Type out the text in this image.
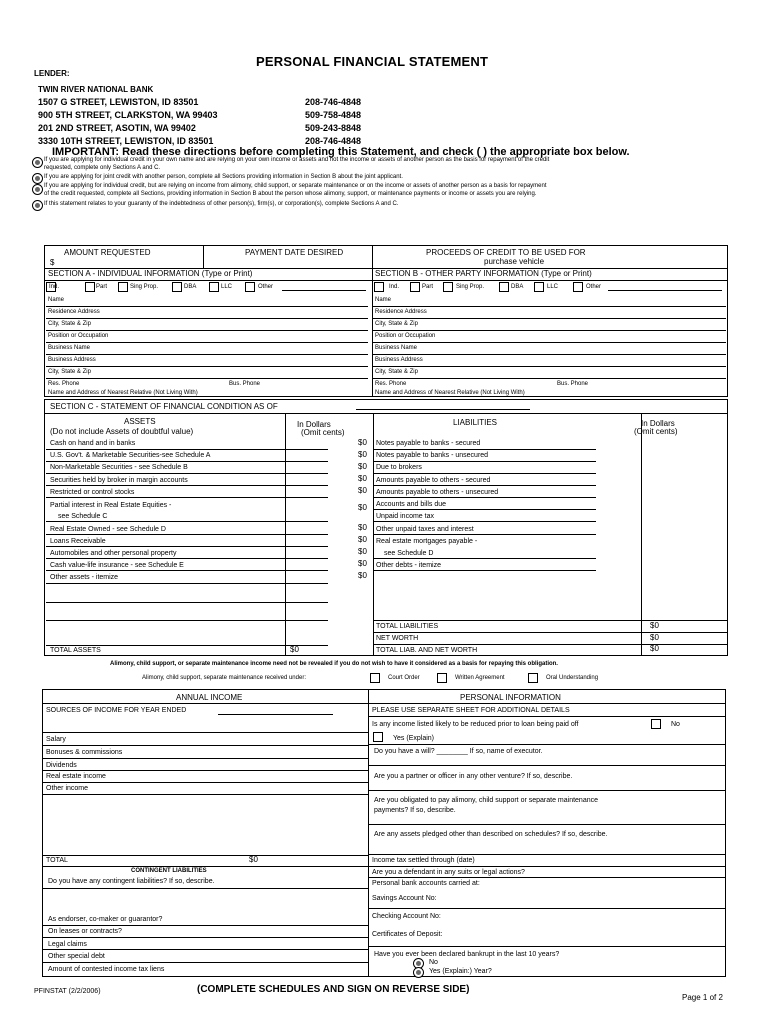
PERSONAL FINANCIAL STATEMENT
LENDER:
TWIN RIVER NATIONAL BANK
1507 G STREET, LEWISTON, ID 83501	208-746-4848
900 5TH STREET, CLARKSTON, WA 99403	509-758-4848
201 2ND STREET, ASOTIN, WA 99402	509-243-8848
3330 10TH STREET, LEWISTON, ID 83501	208-746-4848
IMPORTANT: Read these directions before completing this Statement, and check ( ) the appropriate box below.
If you are applying for individual credit in your own name and are relying on your own income or assets and not the income or assets of another person as the basis for repayment of the credit
requested, complete only Sections A and C.
If you are applying for joint credit with another person, complete all Sections providing information in Section B about the joint applicant.
If you are applying for individual credit, but are relying on income from alimony, child support, or separate maintenance or on the income or assets of another person as a basis for repayment
of the credit requested, complete all Sections, providing information in Section B about the person whose alimony, support, or maintenance payments or income or assets you are relying.
If this statement relates to your guaranty of the indebtedness of other person(s), firm(s), or corporation(s), complete Sections A and C.
AMOUNT REQUESTED
$
PAYMENT DATE DESIRED	PROCEEDS OF CREDIT TO BE USED FOR
purchase vehicle
SECTION A - INDIVIDUAL INFORMATION (Type or Print)	SECTION B - OTHER PARTY INFORMATION (Type or Print)
Ind.	Part	Sing Prop.	DBA	LLC	Other	Ind.	Part	Sing Prop.	DBA	LLC	Other
Name
Residence Address
City, State & Zip
Position or Occupation
Business Name
Business Address
City, State & Zip
Res. Phone	Bus. Phone
Name and Address of Nearest Relative (Not Living With)
Name
Residence Address
City, State & Zip
Position or Occupation
Business Name
Business Address
City, State & Zip
Res. Phone	Bus. Phone
Name and Address of Nearest Relative (Not Living With)
SECTION C - STATEMENT OF FINANCIAL CONDITION AS OF
ASSETS
(Do not include Assets of doubtful value)
In Dollars
(Omit cents)
LIABILITIES	In Dollars
(Omit cents)
Cash on hand and in banks	$0
U.S. Gov't. & Marketable Securities-see Schedule A	$0
Non-Marketable Securities - see Schedule B	$0
Securities held by broker in margin accounts	$0
Restricted or control stocks	$0
Partial interest in Real Estate Equities -
see Schedule C
$0
Real Estate Owned - see Schedule D	$0
Loans Receivable	$0
Automobiles and other personal property	$0
Cash value-life insurance - see Schedule E	$0
Other assets - itemize	$0
Notes payable to banks - secured
Notes payable to banks - unsecured
Due to brokers
Amounts payable to others - secured
Amounts payable to others - unsecured
Accounts and bills due
Unpaid income tax
Other unpaid taxes and interest
Real estate mortgages payable -
see Schedule D
Other debts - itemize
TOTAL LIABILITIES	$0
NET WORTH	$0
TOTAL LIAB. AND NET WORTH	$0
TOTAL ASSETS	$0
Alimony, child support, or separate maintenance income need not be revealed if you do not wish to have it considered as a basis for repaying this obligation.
Alimony, child support, separate maintenance received under:	Court Order	Written Agreement	Oral Understanding
ANNUAL INCOME
SOURCES OF INCOME FOR YEAR ENDED
Salary
Bonuses & commissions
Dividends
Real estate income
Other income
TOTAL	$0
CONTINGENT LIABILITIES
Do you have any contingent liabilities? If so, describe.
As endorser, co-maker or guarantor?
On leases or contracts?
Legal claims
Other special debt
Amount of contested income tax liens
PERSONAL INFORMATION
PLEASE USE SEPARATE SHEET FOR ADDITIONAL DETAILS
Is any income listed likely to be reduced prior to loan being paid off	No
Yes (Explain)
Do you have a will? ________ If so, name of executor.
Are you a partner or officer in any other venture? If so, describe.
Are you obligated to pay alimony, child support or separate maintenance
payments? If so, describe.
Are any assets pledged other than described on schedules? If so, describe.
Income tax settled through (date)
Are you a defendant in any suits or legal actions?
Personal bank accounts carried at:
Savings Account No:
Checking Account No:
Certificates of Deposit:
Have you ever been declared bankrupt in the last 10 years?
No
Yes (Explain:) Year?
PFINSTAT (2/2/2006)	(COMPLETE SCHEDULES AND SIGN ON REVERSE SIDE)
Page 1 of 2
